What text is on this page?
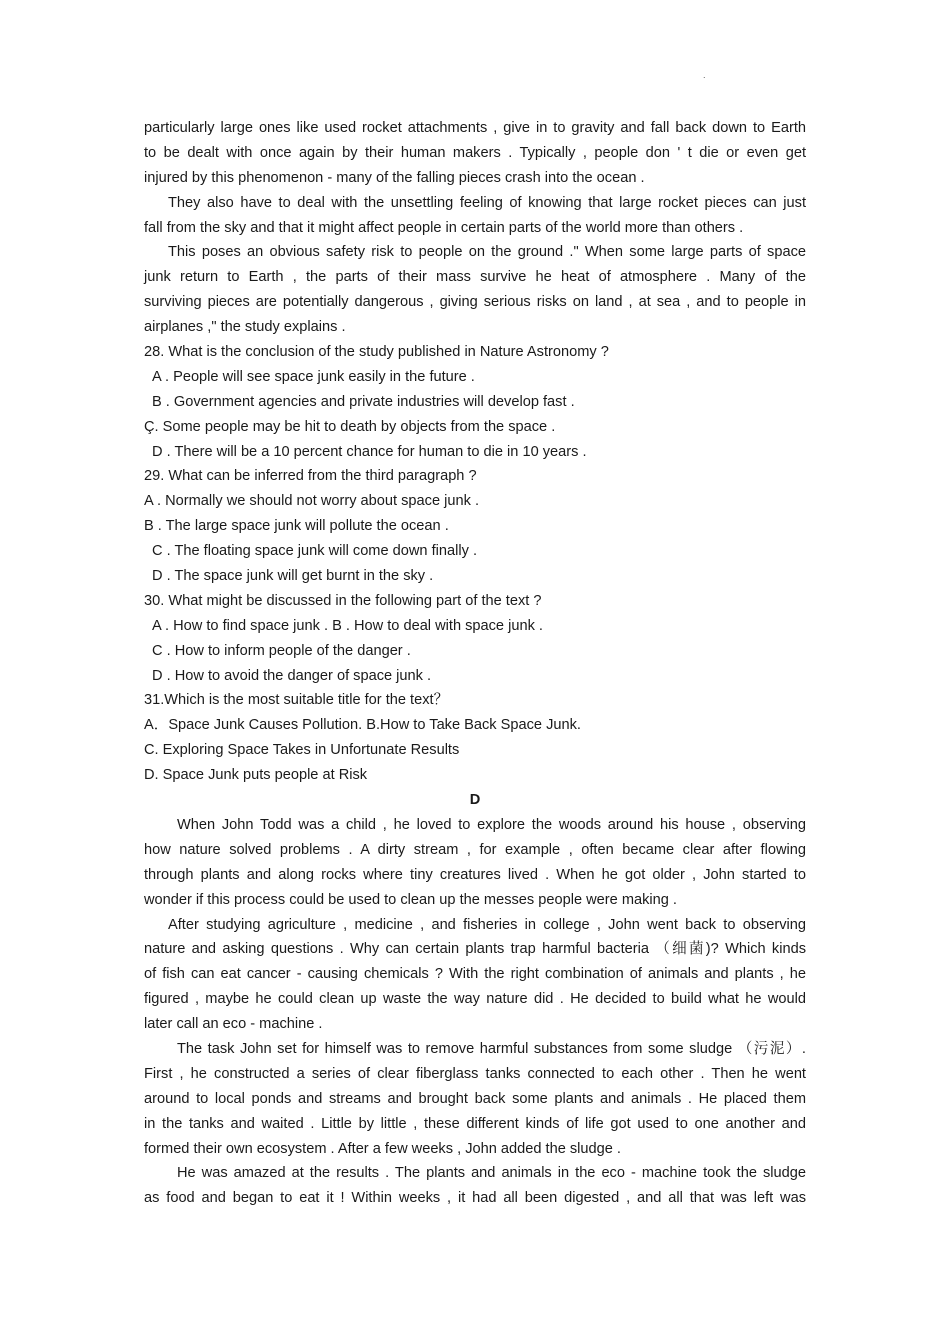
.
particularly large ones like used rocket attachments , give in to gravity and fall back down to Earth
to be dealt with once again by their human makers . Typically , people don ' t die or even get
injured by this phenomenon - many of the falling pieces crash into the ocean .
They also have to deal with the unsettling feeling of knowing that large rocket pieces can just
fall from the sky and that it might affect people in certain parts of the world more than others .
This poses an obvious safety risk to people on the ground ." When some large parts of space
junk return to Earth , the parts of their mass survive he heat of atmosphere . Many of the
surviving pieces are potentially dangerous , giving serious risks on land , at sea , and to people in
airplanes ," the study explains .
28. What is the conclusion of the study published in Nature Astronomy ?
A . People will see space junk easily in the future .
B . Government agencies and private industries will develop fast .
Ç. Some people may be hit to death by objects from the space .
D . There will be a 10 percent chance for human to die in 10 years .
29. What can be inferred from the third paragraph ?
A . Normally we should not worry about space junk .
B . The large space junk will pollute the ocean .
C . The floating space junk will come down finally .
D . The space junk will get burnt in the sky .
30. What might be discussed in the following part of the text ?
A . How to find space junk . B . How to deal with space junk .
C . How to inform people of the danger .
D . How to avoid the danger of space junk .
31.Which is the most suitable title for the text？
A．Space Junk Causes Pollution. B.How to Take Back Space Junk.
C. Exploring Space Takes in Unfortunate Results
D. Space Junk puts people at Risk
D
When John Todd was a child , he loved to explore the woods around his house , observing
how nature solved problems . A dirty stream , for example , often became clear after flowing
through plants and along rocks where tiny creatures lived . When he got older , John started to
wonder if this process could be used to clean up the messes people were making .
After studying agriculture , medicine , and fisheries in college , John went back to observing
nature and asking questions . Why can certain plants trap harmful bacteria （细菌)? Which kinds
of fish can eat cancer - causing chemicals ? With the right combination of animals and plants , he
figured , maybe he could clean up waste the way nature did . He decided to build what he would
later call an eco - machine .
The task John set for himself was to remove harmful substances from some sludge （污泥）.
First , he constructed a series of clear fiberglass tanks connected to each other . Then he went
around to local ponds and streams and brought back some plants and animals . He placed them
in the tanks and waited . Little by little , these different kinds of life got used to one another and
formed their own ecosystem . After a few weeks , John added the sludge .
He was amazed at the results . The plants and animals in the eco - machine took the sludge
as food and began to eat it ! Within weeks , it had all been digested , and all that was left was
